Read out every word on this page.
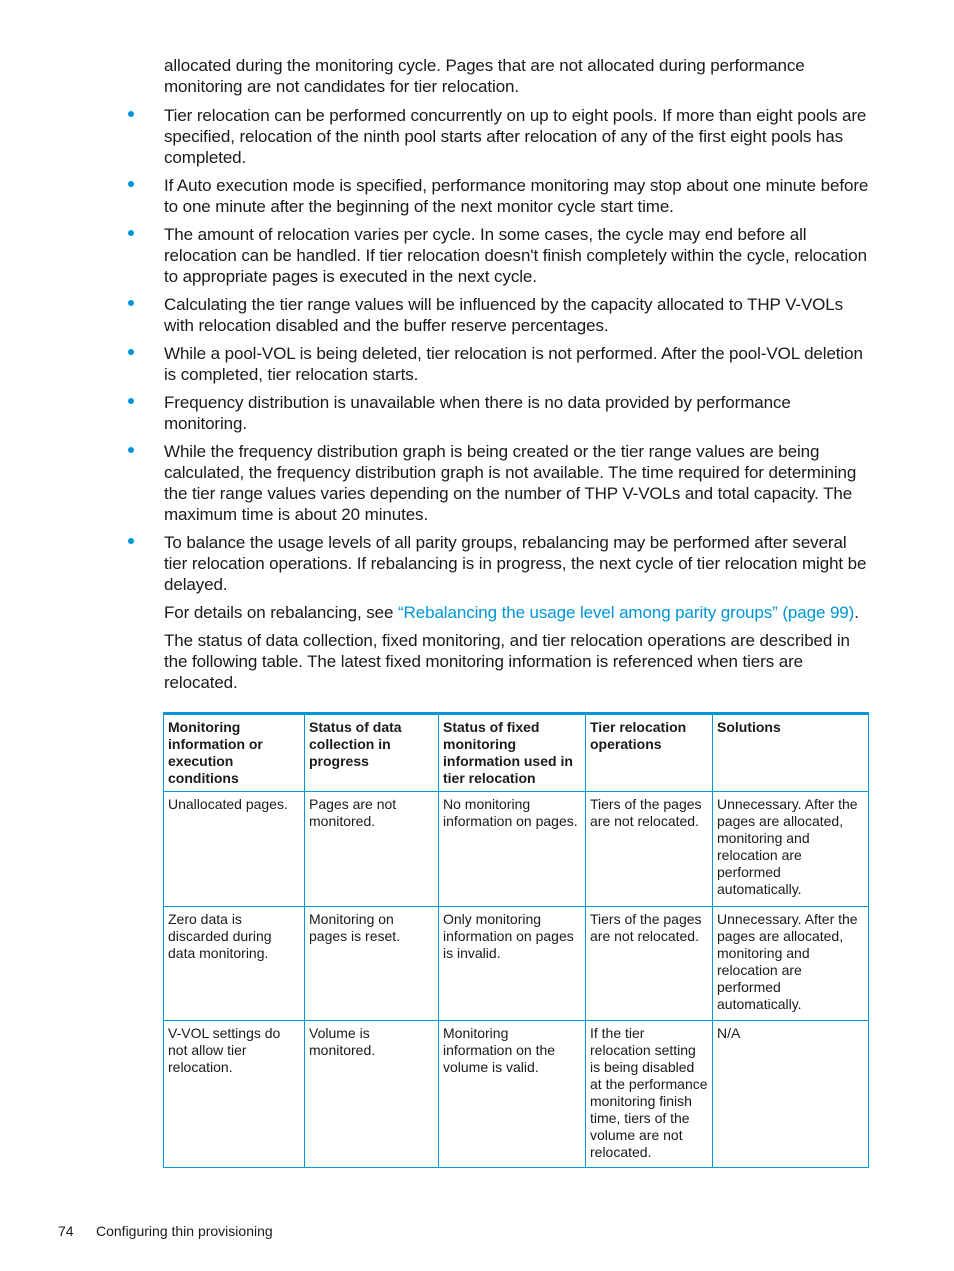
allocated during the monitoring cycle. Pages that are not allocated during performance monitoring are not candidates for tier relocation.

Tier relocation can be performed concurrently on up to eight pools. If more than eight pools are specified, relocation of the ninth pool starts after relocation of any of the first eight pools has completed.

If Auto execution mode is specified, performance monitoring may stop about one minute before to one minute after the beginning of the next monitor cycle start time.

The amount of relocation varies per cycle. In some cases, the cycle may end before all relocation can be handled. If tier relocation doesn't finish completely within the cycle, relocation to appropriate pages is executed in the next cycle.

Calculating the tier range values will be influenced by the capacity allocated to THP V-VOLs with relocation disabled and the buffer reserve percentages.

While a pool-VOL is being deleted, tier relocation is not performed. After the pool-VOL deletion is completed, tier relocation starts.

Frequency distribution is unavailable when there is no data provided by performance monitoring.

While the frequency distribution graph is being created or the tier range values are being calculated, the frequency distribution graph is not available. The time required for determining the tier range values varies depending on the number of THP V-VOLs and total capacity. The maximum time is about 20 minutes.

To balance the usage levels of all parity groups, rebalancing may be performed after several tier relocation operations. If rebalancing is in progress, the next cycle of tier relocation might be delayed.

For details on rebalancing, see “Rebalancing the usage level among parity groups” (page 99).

The status of data collection, fixed monitoring, and tier relocation operations are described in the following table. The latest fixed monitoring information is referenced when tiers are relocated.

Monitoring information or execution conditions	Status of data collection in progress	Status of fixed monitoring information used in tier relocation	Tier relocation operations	Solutions
Unallocated pages.	Pages are not monitored.	No monitoring information on pages.	Tiers of the pages are not relocated.	Unnecessary. After the pages are allocated, monitoring and relocation are performed automatically.
Zero data is discarded during data monitoring.	Monitoring on pages is reset.	Only monitoring information on pages is invalid.	Tiers of the pages are not relocated.	Unnecessary. After the pages are allocated, monitoring and relocation are performed automatically.
V-VOL settings do not allow tier relocation.	Volume is monitored.	Monitoring information on the volume is valid.	If the tier relocation setting is being disabled at the performance monitoring finish time, tiers of the volume are not relocated.	N/A
74 Configuring thin provisioning
